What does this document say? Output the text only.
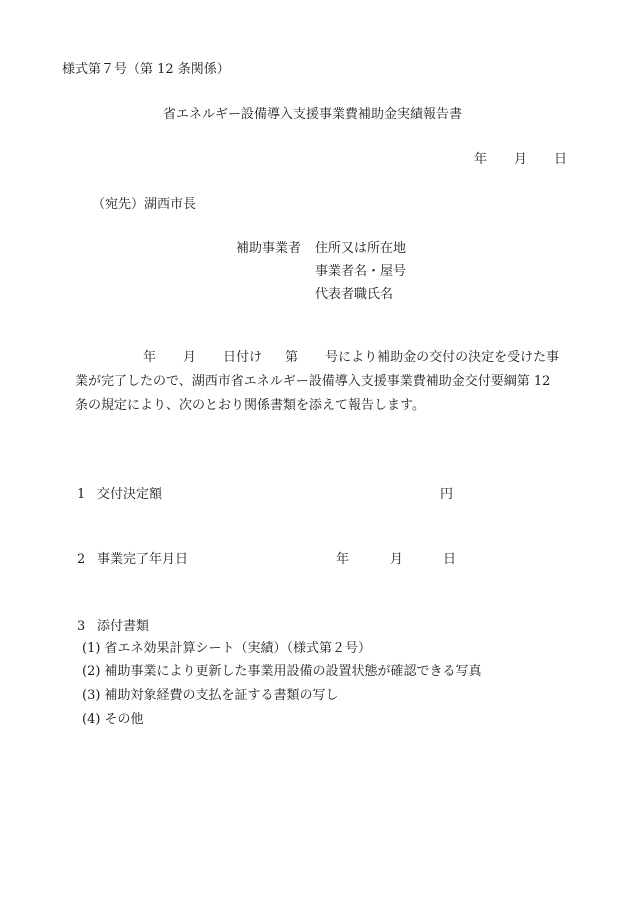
様式第７号（第 12 条関係）
省エネルギー設備導入支援事業費補助金実績報告書
年 月 日
（宛先）湖西市長
補助事業者 住所又は所在地
事業者名・屋号
代表者職氏名
年 月 日付け 第 号により補助金の交付の決定を受けた事
業が完了したので、湖西市省エネルギー設備導入支援事業費補助金交付要綱第 12
条の規定により、次のとおり関係書類を添えて報告します。
1 交付決定額	円
2 事業完了年月日	年	月	日
3 添付書類
(1) 省エネ効果計算シート（実績）（様式第２号）
(2) 補助事業により更新した事業用設備の設置状態が確認できる写真
(3) 補助対象経費の支払を証する書類の写し
(4) その他
